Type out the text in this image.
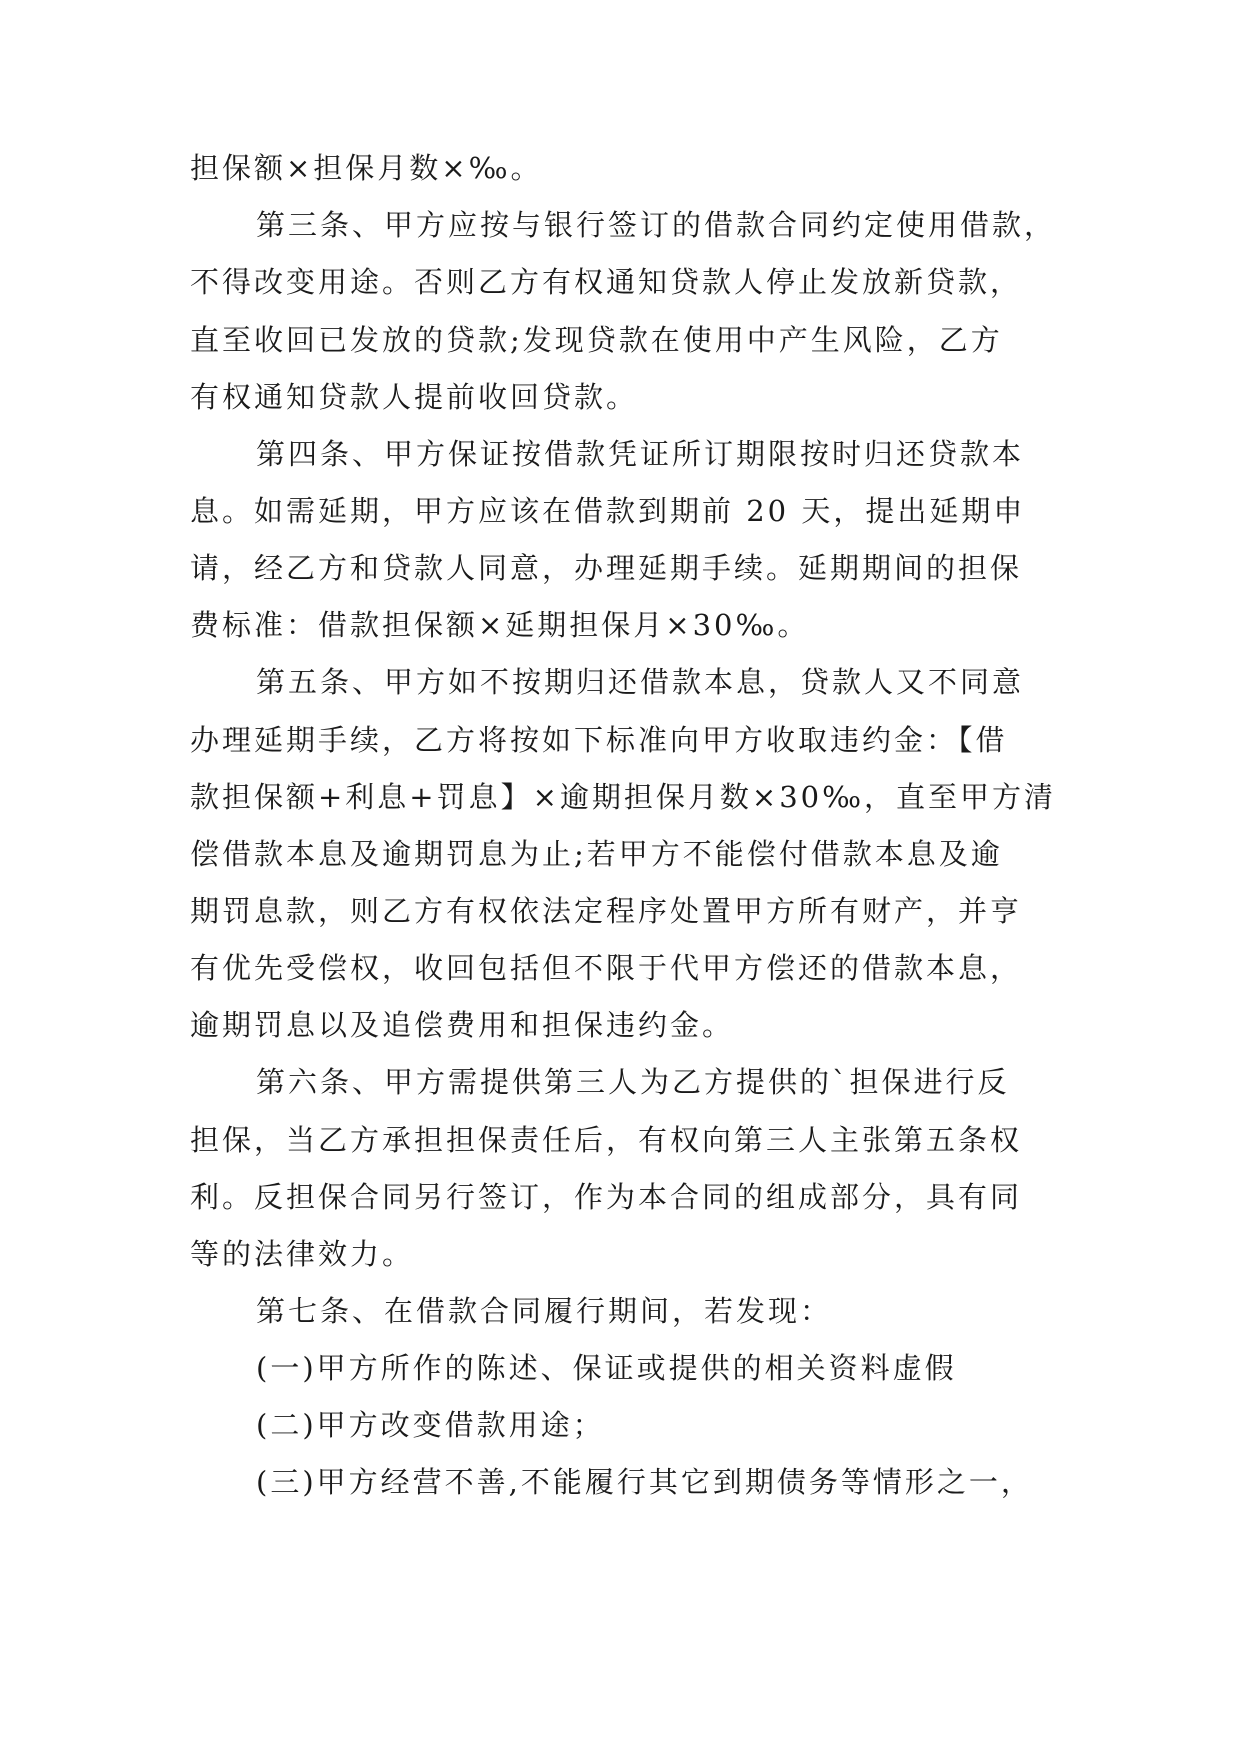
担保额×担保月数×‰。
第三条、甲方应按与银行签订的借款合同约定使用借款，
不得改变用途。否则乙方有权通知贷款人停止发放新贷款，
直至收回已发放的贷款;发现贷款在使用中产生风险，乙方
有权通知贷款人提前收回贷款。
第四条、甲方保证按借款凭证所订期限按时归还贷款本
息。如需延期，甲方应该在借款到期前 20 天，提出延期申
请，经乙方和贷款人同意，办理延期手续。延期期间的担保
费标准：借款担保额×延期担保月×30‰。
第五条、甲方如不按期归还借款本息，贷款人又不同意
办理延期手续，乙方将按如下标准向甲方收取违约金：【借
款担保额+利息+罚息】×逾期担保月数×30‰，直至甲方清
偿借款本息及逾期罚息为止;若甲方不能偿付借款本息及逾
期罚息款，则乙方有权依法定程序处置甲方所有财产，并亨
有优先受偿权，收回包括但不限于代甲方偿还的借款本息，
逾期罚息以及追偿费用和担保违约金。
第六条、甲方需提供第三人为乙方提供的`担保进行反
担保，当乙方承担担保责任后，有权向第三人主张第五条权
利。反担保合同另行签订，作为本合同的组成部分，具有同
等的法律效力。
第七条、在借款合同履行期间，若发现：
(一)甲方所作的陈述、保证或提供的相关资料虚假
(二)甲方改变借款用途；
(三)甲方经营不善,不能履行其它到期债务等情形之一，
